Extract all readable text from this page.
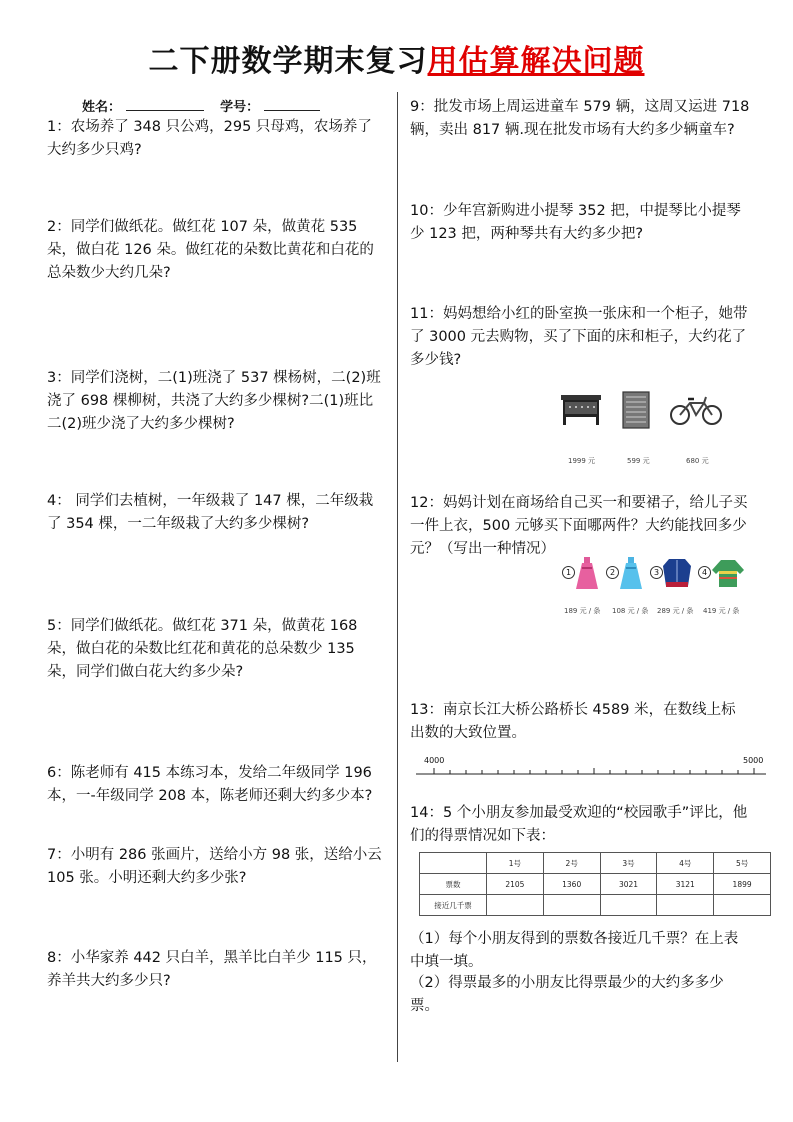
二下册数学期末复习用估算解决问题
姓名：	学号：
1：农场养了 348 只公鸡，295 只母鸡，农场养了大约多少只鸡?
2：同学们做纸花。做红花 107 朵，做黄花 535 朵，做白花 126 朵。做红花的朵数比黄花和白花的总朵数少大约几朵?
3：同学们浇树，二(1)班浇了 537 棵杨树，二(2)班浇了 698 棵柳树，共浇了大约多少棵树?二(1)班比二(2)班少浇了大约多少棵树?
4： 同学们去植树，一年级栽了 147 棵，二年级栽了 354 棵，一二年级栽了大约多少棵树?
5：同学们做纸花。做红花 371 朵，做黄花 168 朵，做白花的朵数比红花和黄花的总朵数少 135 朵，同学们做白花大约多少朵?
6：陈老师有 415 本练习本，发给二年级同学 196 本，一-年级同学 208 本，陈老师还剩大约多少本?
7：小明有 286 张画片，送给小方 98 张，送给小云 105 张。小明还剩大约多少张?
8：小华家养 442 只白羊，黑羊比白羊少 115 只，养羊共大约多少只?
9：批发市场上周运进童车 579 辆，这周又运进 718 辆，卖出 817 辆.现在批发市场有大约多少辆童车?
10：少年宫新购进小提琴 352 把，中提琴比小提琴少 123 把，两种琴共有大约多少把?
11：妈妈想给小红的卧室换一张床和一个柜子，她带了 3000 元去购物，买了下面的床和柜子，大约花了多少钱?
1999 元	599 元	680 元
12：妈妈计划在商场给自己买一和要裙子，给儿子买一件上衣，500 元够买下面哪两件？大约能找回多少元？（写出一种情况）
1	2	3	4
189 元 / 条 108 元 / 条 289 元 / 条 419 元 / 条
13：南京长江大桥公路桥长 4589 米，在数线上标出数的大致位置。
14：5 个小朋友参加最受欢迎的“校园歌手”评比，他们的得票情况如下表：
（1）每个小朋友得到的票数各接近几千票？在上表中填一填。
（2）得票最多的小朋友比得票最少的大约多多少票。
4000	5000
	1号	2号	3号	4号	5号
票数	2105	1360	3021	3121	1899
接近几千票					
